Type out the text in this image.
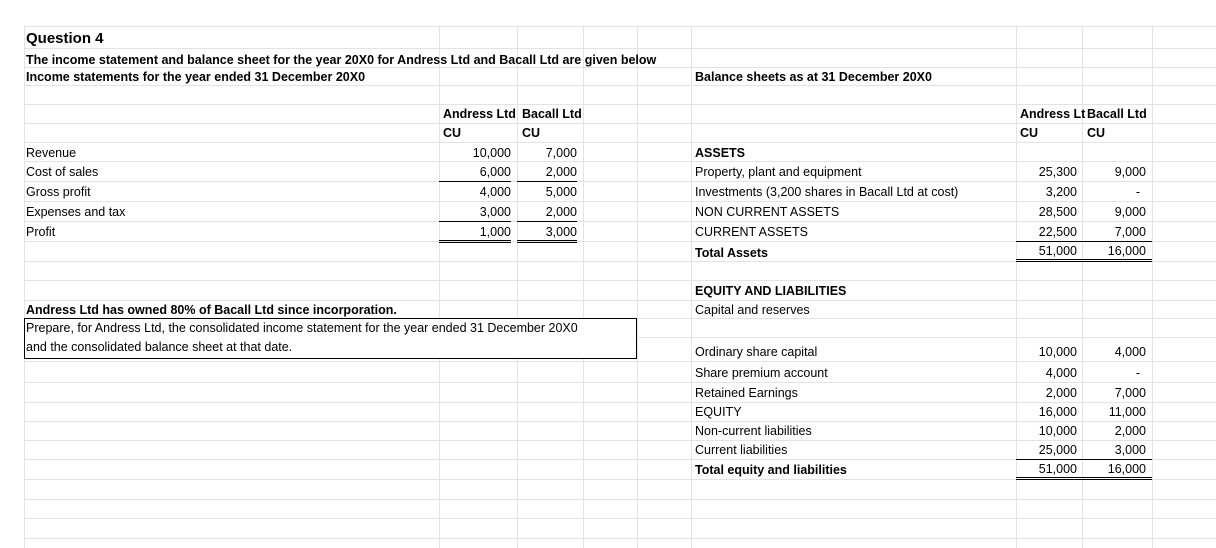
Question 4
The income statement and balance sheet for the year 20X0 for Andress Ltd and Bacall Ltd are given below
Income statements for the year ended 31 December 20X0	Balance sheets as at 31 December 20X0
Andress Ltd Bacall Ltd
CU	CU
Revenue	10,000	7,000
Cost of sales	6,000	2,000
Gross profit	4,000	5,000
Expenses and tax	3,000	2,000
Profit	1,000	3,000
Andress Ltd has owned 80% of Bacall Ltd since incorporation.
Prepare, for Andress Ltd, the consolidated income statement for the year ended 31 December 20X0
and the consolidated balance sheet at that date.
Andress Lt Bacall Ltd
CU	CU
ASSETS
Property, plant and equipment	25,300	9,000
Investments (3,200 shares in Bacall Ltd at cost)	3,200	-
NON CURRENT ASSETS	28,500	9,000
CURRENT ASSETS	22,500	7,000
Total Assets	51,000	16,000
EQUITY AND LIABILITIES
Capital and reserves
Ordinary share capital	10,000	4,000
Share premium account	4,000	-
Retained Earnings	2,000	7,000
EQUITY	16,000	11,000
Non-current liabilities	10,000	2,000
Current liabilities	25,000	3,000
Total equity and liabilities	51,000	16,000
